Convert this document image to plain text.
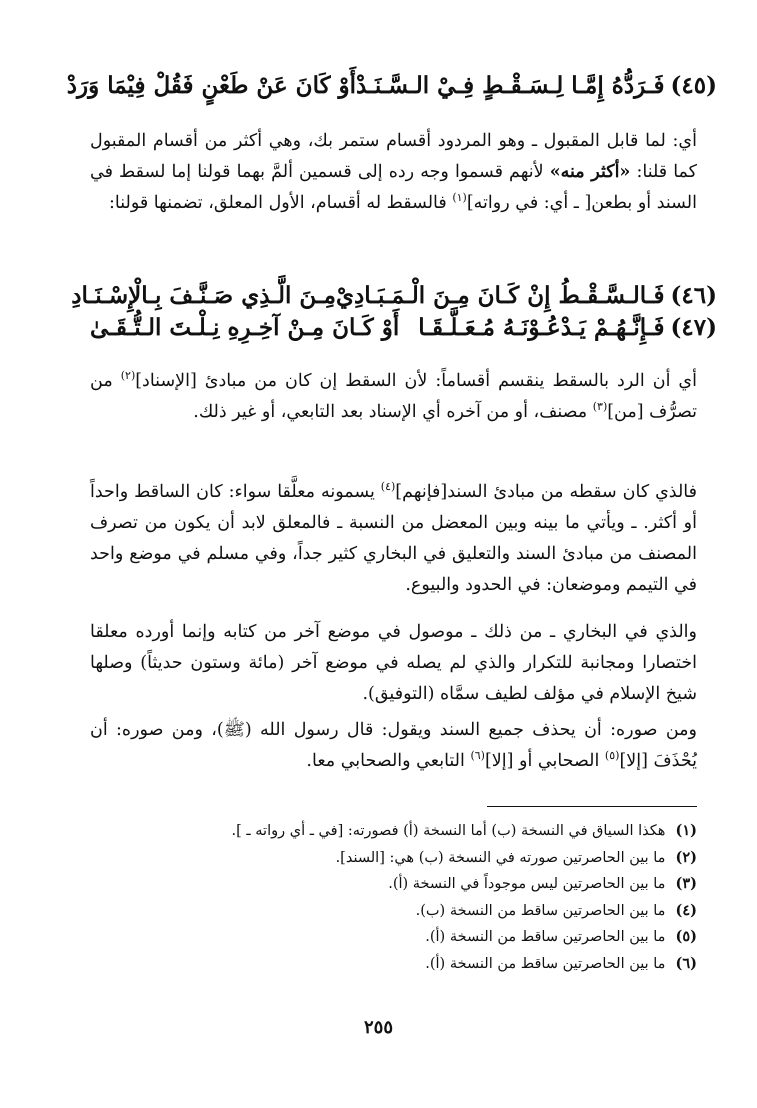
(٤٥)فَـرَدُّهُ إِمَّـا لِـسَـقْـطٍ فِـيْ الـسَّـنَـدْ
أَوْ كَانَ عَنْ طَعْنٍ فَقُلْ فِيْمَا وَرَدْ

أي: لما قابل المقبول ـ وهو المردود أقسام ستمر بك، وهي أكثر من أقسام المقبول كما قلنا: «أكثر منه» لأنهم قسموا وجه رده إلى قسمين ألمَّ بهما قولنا إما لسقط في السند أو بطعن[ ـ أي: في رواته]$^{(١)}$ فالسقط له أقسام، الأول المعلق، تضمنها قولنا:

(٤٦)فَـالـسَّـقْـطُ إِنْ كَـانَ مِـنَ الْـمَـبَـادِيْ
مِـنَ الَّـذِي صَـنَّـفَ بِـالْإِسْـنَـادِ
(٤٧)فَـإِنَّـهُـمْ يَـدْعُـوْنَـهُ مُـعَـلَّـقَـا
أَوْ كَـانَ مِـنْ آخِـرِهِ نِـلْـتَ الـتُّـقَـىٰ

أي أن الرد بالسقط ينقسم أقساماً: لأن السقط إن كان من مبادئ [الإسناد]$^{(٢)}$ من تصرُّف [من]$^{(٣)}$ مصنف، أو من آخره أي الإسناد بعد التابعي، أو غير ذلك.

فالذي كان سقطه من مبادئ السند[فإنهم]$^{(٤)}$ يسمونه معلَّقا سواء: كان الساقط واحداً أو أكثر. ـ ويأتي ما بينه وبين المعضل من النسبة ـ فالمعلق لابد أن يكون من تصرف المصنف من مبادئ السند والتعليق في البخاري كثير جداً، وفي مسلم في موضع واحد في التيمم وموضعان: في الحدود والبيوع.

والذي في البخاري ـ من ذلك ـ موصول في موضع آخر من كتابه وإنما أورده معلقا اختصارا ومجانبة للتكرار والذي لم يصله في موضع آخر (مائة وستون حديثاً) وصلها شيخ الإسلام في مؤلف لطيف سمَّاه (التوفيق).

ومن صوره: أن يحذف جميع السند ويقول: قال رسول الله (ﷺ)، ومن صوره: أن يُحْذَفَ [إلا]$^{(٥)}$ الصحابي أو [إلا]$^{(٦)}$ التابعي والصحابي معا.

(١)هكذا السياق في النسخة (ب) أما النسخة (أ) فصورته: [في ـ أي رواته ـ ].
(٢)ما بين الحاصرتين صورته في النسخة (ب) هي: [السند].
(٣)ما بين الحاصرتين ليس موجوداً في النسخة (أ).
(٤)ما بين الحاصرتين ساقط من النسخة (ب).
(٥)ما بين الحاصرتين ساقط من النسخة (أ).
(٦)ما بين الحاصرتين ساقط من النسخة (أ).
٢٥٥
